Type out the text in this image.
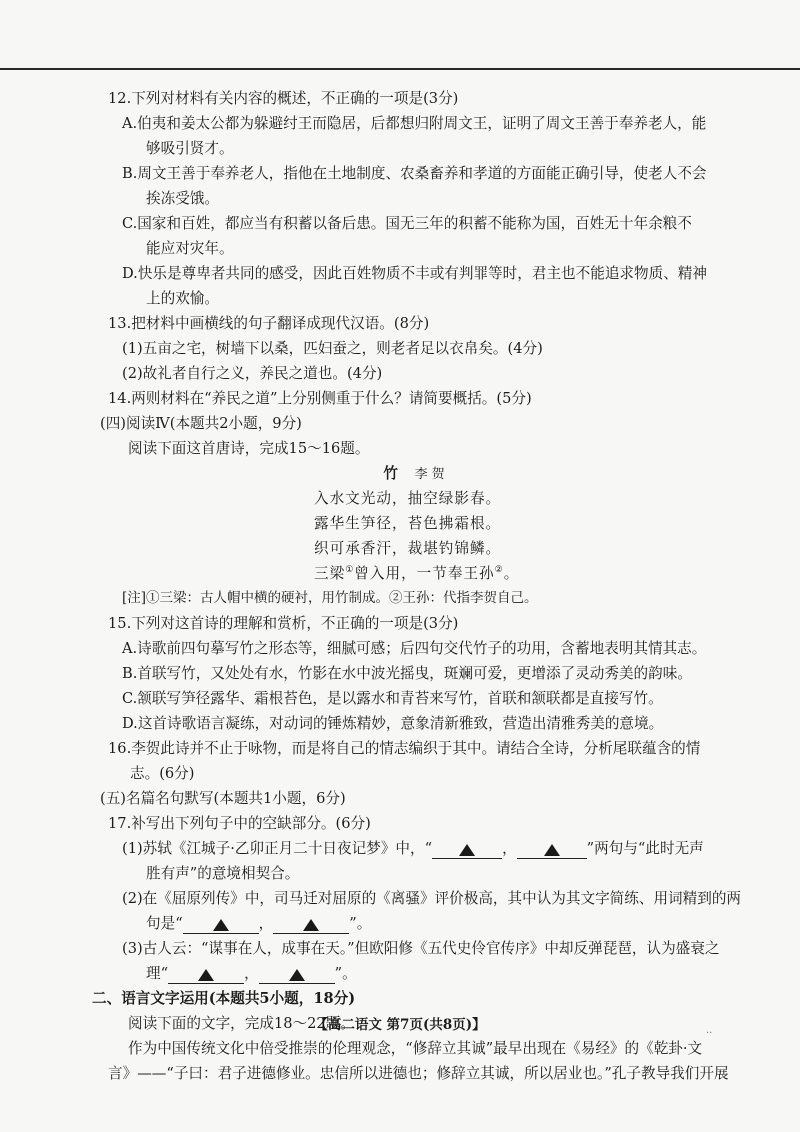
12.下列对材料有关内容的概述，不正确的一项是(3分)
A.伯夷和姜太公都为躲避纣王而隐居，后都想归附周文王，证明了周文王善于奉养老人，能
够吸引贤才。
B.周文王善于奉养老人，指他在土地制度、农桑畜养和孝道的方面能正确引导，使老人不会
挨冻受饿。
C.国家和百姓，都应当有积蓄以备后患。国无三年的积蓄不能称为国，百姓无十年余粮不
能应对灾年。
D.快乐是尊卑者共同的感受，因此百姓物质不丰或有判罪等时，君主也不能追求物质、精神
上的欢愉。
13.把材料中画横线的句子翻译成现代汉语。(8分)
(1)五亩之宅，树墙下以桑，匹妇蚕之，则老者足以衣帛矣。(4分)
(2)故礼者自行之义，养民之道也。(4分)
14.两则材料在“养民之道”上分别侧重于什么？请简要概括。(5分)
(四)阅读Ⅳ(本题共2小题，9分)
阅读下面这首唐诗，完成15～16题。
竹 李贺
入水文光动，抽空绿影春。
露华生笋径，苔色拂霜根。
织可承香汗，裁堪钓锦鳞。
三梁①曾入用，一节奉王孙②。
[注]①三梁：古人帽中横的硬衬，用竹制成。②王孙：代指李贺自己。
15.下列对这首诗的理解和赏析，不正确的一项是(3分)
A.诗歌前四句摹写竹之形态等，细腻可感；后四句交代竹子的功用，含蓄地表明其情其志。
B.首联写竹，又处处有水，竹影在水中波光摇曳，斑斓可爱，更增添了灵动秀美的韵味。
C.颔联写笋径露华、霜根苔色，是以露水和青苔来写竹，首联和颔联都是直接写竹。
D.这首诗歌语言凝练，对动词的锤炼精妙，意象清新雅致，营造出清雅秀美的意境。
16.李贺此诗并不止于咏物，而是将自己的情志编织于其中。请结合全诗，分析尾联蕴含的情
志。(6分)
(五)名篇名句默写(本题共1小题，6分)
17.补写出下列句子中的空缺部分。(6分)
(1)苏轼《江城子·乙卯正月二十日夜记梦》中，“	，	”两句与“此时无声
胜有声”的意境相契合。
(2)在《屈原列传》中，司马迁对屈原的《离骚》评价极高，其中认为其文字简练、用词精到的两
句是“	，	”。
(3)古人云：“谋事在人，成事在天。”但欧阳修《五代史伶官传序》中却反弹琵琶，认为盛衰之
理“	，	”。
二、语言文字运用(本题共5小题，18分)
阅读下面的文字，完成18～22题。
作为中国传统文化中倍受推崇的伦理观念，“修辞立其诚”最早出现在《易经》的《乾卦·文
言》——“子曰：君子进德修业。忠信所以进德也；修辞立其诚，所以居业也。”孔子教导我们开展
【高二语文 第7页(共8页)】
··
